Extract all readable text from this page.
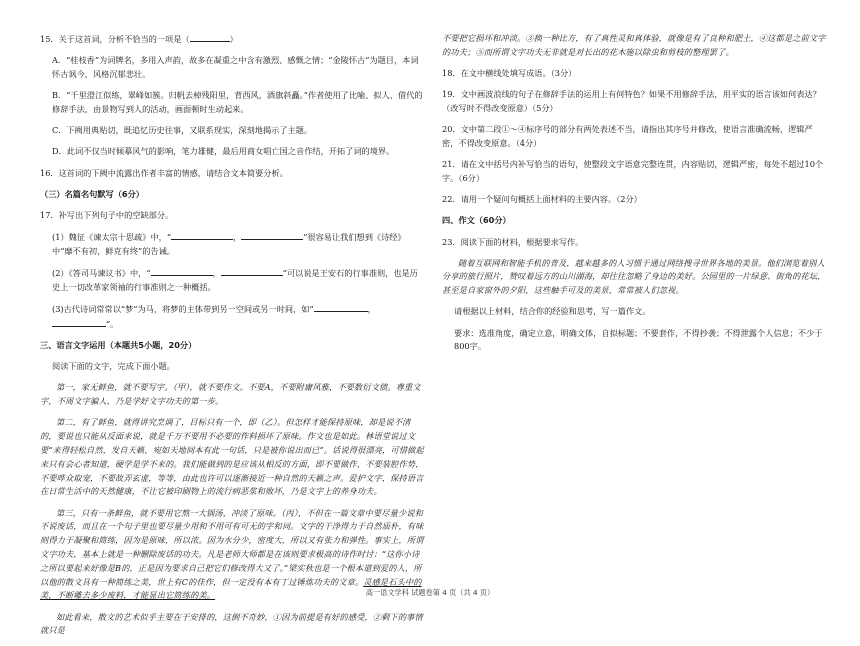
15．关于这首词，分析不恰当的一项是（	）
A．“桂枝香”为词牌名，多用入声韵，故多在凝重之中含有激烈、感慨之情；“金陵怀古”为题目，本词怀古讽今，风格沉郁悲壮。
B．“千里澄江似练，翠峰如簇。归帆去棹残阳里，背西风，酒旗斜矗。”作者使用了比喻、拟人、借代的修辞手法，由景物写到人的活动，画面顿时生动起来。
C．下阙用典贴切，既追忆历史往事，又联系现实，深刻地揭示了主题。
D．此词不仅当时倾摹风气的影响，笔力雄健，最后用商女唱亡国之音作结，开拓了词的境界。
16．这首词的下阙中流露出作者丰富的情感，请结合文本简要分析。
（三）名篇名句默写（6分）
17．补写出下列句子中的空缺部分。
(1）魏征《谏太宗十思疏》中，“	，	”很容易让我们想到《诗经》中“靡不有初，鲜克有终”的告诫。
(2）《答司马谏议书》中，“	，	”可以说是王安石的行事准则，也是历史上一切改革家领袖的行事准则之一种概括。
(3)古代诗词常常以“梦”为马，将梦的主体带到另一空间或另一时间，如“	，”。
三、语言文字运用（本题共5小题，20分）
阅读下面的文字，完成下面小题。
第一，家无鲜鱼，就不要写字。（甲），就不要作文。不要A，不要附庸风雅，不要数衍文债。尊重文字，不周文字骗人，乃是学好文字功夫的第一步。
第二，有了鲜鱼，就得讲究烹调了，目标只有一个，即（乙）。但怎样才能保持原味，却是说不清的，要说也只能从反面来说，就是千万不要用不必要的作料损坏了原味。作文也是如此。林语堂说过文要“来得轻松自然，发自天籁，宛如天地间本有此一句话，只是被你说出而已”。话说得很漂亮，可惜做起来只有会心者知道，硬学是学不来的。我们能做到的是应该从相反的方面，即不要做作，不要装腔作势，不要哗众取宠，不要故弄玄虚，等等，由此也许可以逐渐接近一种自然的天籁之声。爱护文字，保持语言在日常生活中的天然健康，不让它被印刷物上的流行病恶浆和败坏，乃是文字上的养身功夫。
第三，只有一条鲜鱼，就不要用它熬一大锅汤，冲淡了原味。（丙），不但在一篇文章中要尽量少说和不说废话，而且在一个句子里也要尽量少用和不用可有可无的字和词。文字的干净得力于自然质朴，有味则得力于凝聚和简练，因为是原味，所以浓。因为水分少，密度大，所以又有张力和弹性。事实上，所谓文字功夫，基本上就是一种删除废话的功夫。凡是老师大师都是在该则要求极高的诗作时讨：“这你小诗之所以要起来好像是B的，正是因为要求自己把它们修改得大又了。”梁实秋也是一个根本道到爱的人，所以他的散文具有一种简练之美，世上有C的佳作，但一定没有本有丁过锤炼功夫的文章。灵感是石头中的美，不断雕去多少废料，才能显出它简练的美。
如此看来，散文的艺术似乎主要在于安排的，这倒不奇妙，①因为前提是有好的感受，②剩下的事情就只是
不要把它损坏和冲淡。③换一种比方，有了真性灵和真体验，就像是有了良种和肥土，④这都是之前文字的功夫；⑤而所谓文字功夫无非就是对长出的花木施以除虫和剪枝的整理罢了。
18．在文中横线处填写成语。（3分）
19．文中画波浪线的句子在修辞手法的运用上有何特色？如果不用修辞手法，用平实的语言该如何表达？（改写时不得改变原意）（5分）
20．文中第二段①～④标序号的部分有两处表述不当，请指出其序号并修改，使语言准确流畅，逻辑严密，不得改变原意。（4分）
21．请在文中括号内补写恰当的语句，使整段文字语意完整连贯，内容贴切，逻辑严密，每处不超过10个字。（6分）
22．请用一个疑问句概括上面材料的主要内容。（2分）
四、作文（60分）
23．阅读下面的材料，根据要求写作。
随着互联网和智能手机的普及，越来越多的人习惯于通过网络搜寻世界各地的美景。他们浏览着别人分享的旅行照片，赞叹着远方的山川湖海，却往往忽略了身边的美好。公园里的一片绿意、街角的花坛，甚至是自家窗外的夕阳，这些触手可及的美景，常常被人们忽视。
请根据以上材料，结合你的经验和思考，写一篇作文。
要求：选准角度，确定立意，明确文体，自拟标题；不要套作，不得抄袭；不得泄露个人信息；不少于800字。
高一语文学科 试题卷第 4 页（共 4 页）
